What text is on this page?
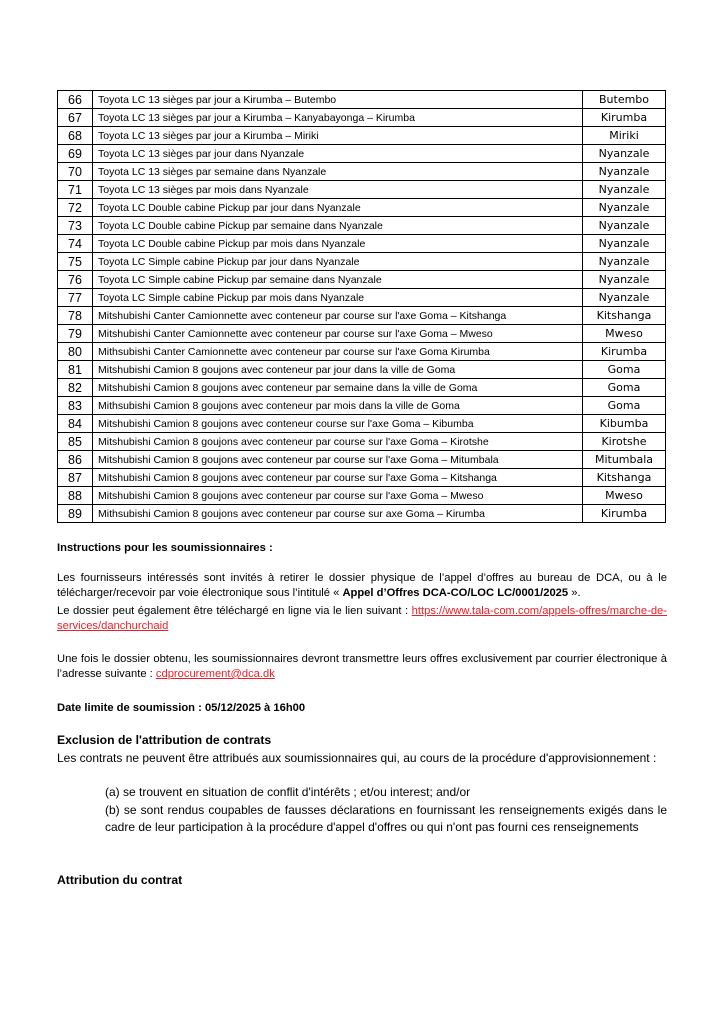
66	Toyota LC 13 sièges par jour a Kirumba – Butembo	Butembo
67	Toyota LC 13 sièges par jour a Kirumba – Kanyabayonga – Kirumba	Kirumba
68	Toyota LC 13 sièges par jour a Kirumba – Miriki	Miriki
69	Toyota LC 13 sièges par jour dans Nyanzale	Nyanzale
70	Toyota LC 13 sièges par semaine dans Nyanzale	Nyanzale
71	Toyota LC 13 sièges par mois dans Nyanzale	Nyanzale
72	Toyota LC Double cabine Pickup par jour dans Nyanzale	Nyanzale
73	Toyota LC Double cabine Pickup par semaine dans Nyanzale	Nyanzale
74	Toyota LC Double cabine Pickup par mois dans Nyanzale	Nyanzale
75	Toyota LC Simple cabine Pickup par jour dans Nyanzale	Nyanzale
76	Toyota LC Simple cabine Pickup par semaine dans Nyanzale	Nyanzale
77	Toyota LC Simple cabine Pickup par mois dans Nyanzale	Nyanzale
78	Mitshubishi Canter Camionnette avec conteneur par course sur l'axe Goma – Kitshanga	Kitshanga
79	Mitshubishi Canter Camionnette avec conteneur par course sur l'axe Goma – Mweso	Mweso
80	Mithsubishi Canter Camionnette avec conteneur par course sur l'axe Goma Kirumba	Kirumba
81	Mitshubishi Camion 8 goujons avec conteneur par jour dans la ville de Goma	Goma
82	Mitshubishi Camion 8 goujons avec conteneur par semaine dans la ville de Goma	Goma
83	Mithsubishi Camion 8 goujons avec conteneur par mois dans la ville de Goma	Goma
84	Mitshubishi Camion 8 goujons avec conteneur course sur l'axe Goma – Kibumba	Kibumba
85	Mitshubishi Camion 8 goujons avec conteneur par course sur l'axe Goma – Kirotshe	Kirotshe
86	Mitshubishi Camion 8 goujons avec conteneur par course sur l'axe Goma – Mitumbala	Mitumbala
87	Mitshubishi Camion 8 goujons avec conteneur par course sur l'axe Goma – Kitshanga	Kitshanga
88	Mitshubishi Camion 8 goujons avec conteneur par course sur l'axe Goma – Mweso	Mweso
89	Mithsubishi Camion 8 goujons avec conteneur par course sur axe Goma – Kirumba	Kirumba
Instructions pour les soumissionnaires :
Les fournisseurs intéressés sont invités à retirer le dossier physique de l’appel d’offres au bureau de DCA, ou à le télécharger/recevoir par voie électronique sous l’intitulé « Appel d’Offres DCA-CO/LOC LC/0001/2025 ».
Le dossier peut également être téléchargé en ligne via le lien suivant : https://www.tala-com.com/appels-offres/marche-de-services/danchurchaid
Une fois le dossier obtenu, les soumissionnaires devront transmettre leurs offres exclusivement par courrier électronique à l’adresse suivante : cdprocurement@dca.dk
Date limite de soumission : 05/12/2025 à 16h00
Exclusion de l'attribution de contrats
Les contrats ne peuvent être attribués aux soumissionnaires qui, au cours de la procédure d'approvisionnement :
(a) se trouvent en situation de conflit d'intérêts ; et/ou interest; and/or
(b) se sont rendus coupables de fausses déclarations en fournissant les renseignements exigés dans le cadre de leur participation à la procédure d'appel d'offres ou qui n'ont pas fourni ces renseignements
Attribution du contrat
